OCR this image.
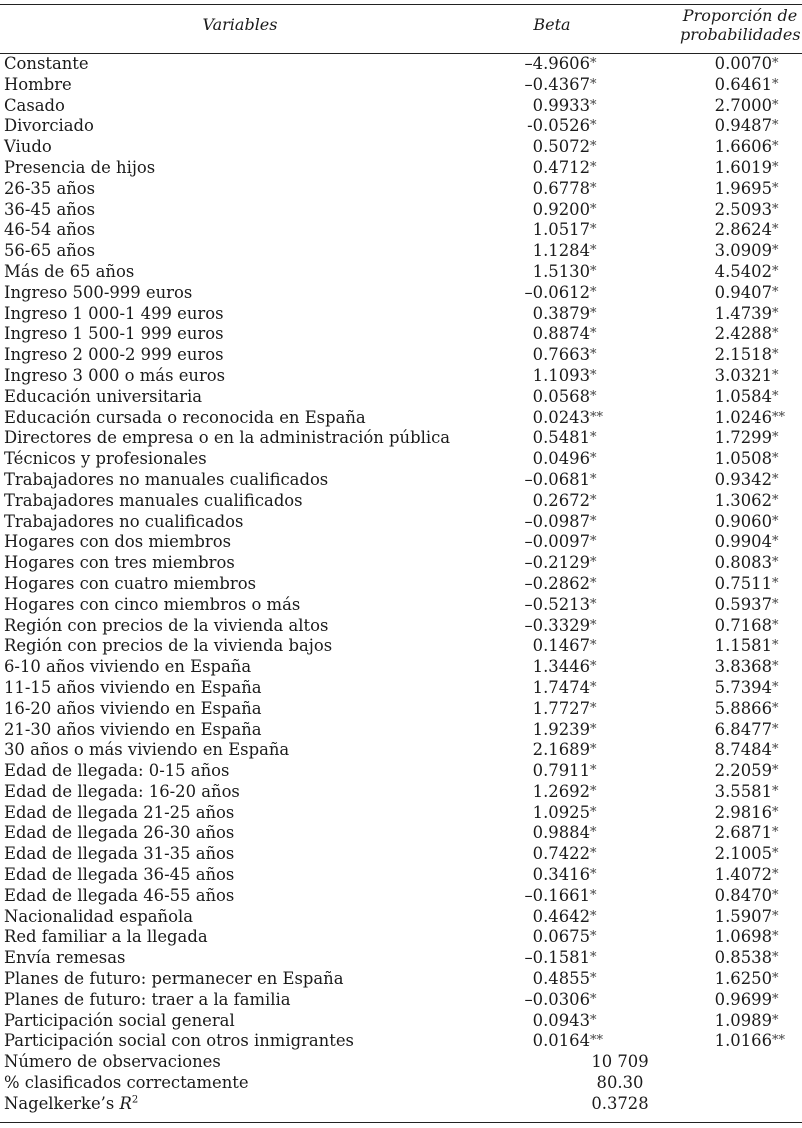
Variables	Beta	Proporción de
probabilidades
Constante	–4.9606 *	0.0070 *
Hombre	–0.4367 *	0.6461 *
Casado	0.9933 *	2.7000 *
Divorciado	-0.0526 *	0.9487 *
Viudo	0.5072 *	1.6606 *
Presencia de hijos	0.4712 *	1.6019 *
26-35 años	0.6778 *	1.9695 *
36-45 años	0.9200 *	2.5093 *
46-54 años	1.0517 *	2.8624 *
56-65 años	1.1284 *	3.0909 *
Más de 65 años	1.5130 *	4.5402 *
Ingreso 500-999 euros	–0.0612 *	0.9407 *
Ingreso 1 000-1 499 euros	0.3879 *	1.4739 *
Ingreso 1 500-1 999 euros	0.8874 *	2.4288 *
Ingreso 2 000-2 999 euros	0.7663 *	2.1518 *
Ingreso 3 000 o más euros	1.1093 *	3.0321 *
Educación universitaria	0.0568 *	1.0584 *
Educación cursada o reconocida en España	0.0243 **	1.0246 **
Directores de empresa o en la administración pública	0.5481 *	1.7299 *
Técnicos y profesionales	0.0496 *	1.0508 *
Trabajadores no manuales cualificados	–0.0681 *	0.9342 *
Trabajadores manuales cualificados	0.2672 *	1.3062 *
Trabajadores no cualificados	–0.0987 *	0.9060 *
Hogares con dos miembros	–0.0097 *	0.9904 *
Hogares con tres miembros	–0.2129 *	0.8083 *
Hogares con cuatro miembros	–0.2862 *	0.7511 *
Hogares con cinco miembros o más	–0.5213 *	0.5937 *
Región con precios de la vivienda altos	–0.3329 *	0.7168 *
Región con precios de la vivienda bajos	0.1467 *	1.1581 *
6-10 años viviendo en España	1.3446 *	3.8368 *
11-15 años viviendo en España	1.7474 *	5.7394 *
16-20 años viviendo en España	1.7727 *	5.8866 *
21-30 años viviendo en España	1.9239 *	6.8477 *
30 años o más viviendo en España	2.1689 *	8.7484 *
Edad de llegada: 0-15 años	0.7911 *	2.2059 *
Edad de llegada: 16-20 años	1.2692 *	3.5581 *
Edad de llegada 21-25 años	1.0925 *	2.9816 *
Edad de llegada 26-30 años	0.9884 *	2.6871 *
Edad de llegada 31-35 años	0.7422 *	2.1005 *
Edad de llegada 36-45 años	0.3416 *	1.4072 *
Edad de llegada 46-55 años	–0.1661 *	0.8470 *
Nacionalidad española	0.4642 *	1.5907 *
Red familiar a la llegada	0.0675 *	1.0698 *
Envía remesas	–0.1581 *	0.8538 *
Planes de futuro: permanecer en España	0.4855 *	1.6250 *
Planes de futuro: traer a la familia	–0.0306 *	0.9699 *
Participación social general	0.0943 *	1.0989 *
Participación social con otros inmigrantes	0.0164 **	1.0166 **
Número de observaciones	10 709
% clasificados correctamente	80.30
Nagelkerke’s $R^2$	0.3728
